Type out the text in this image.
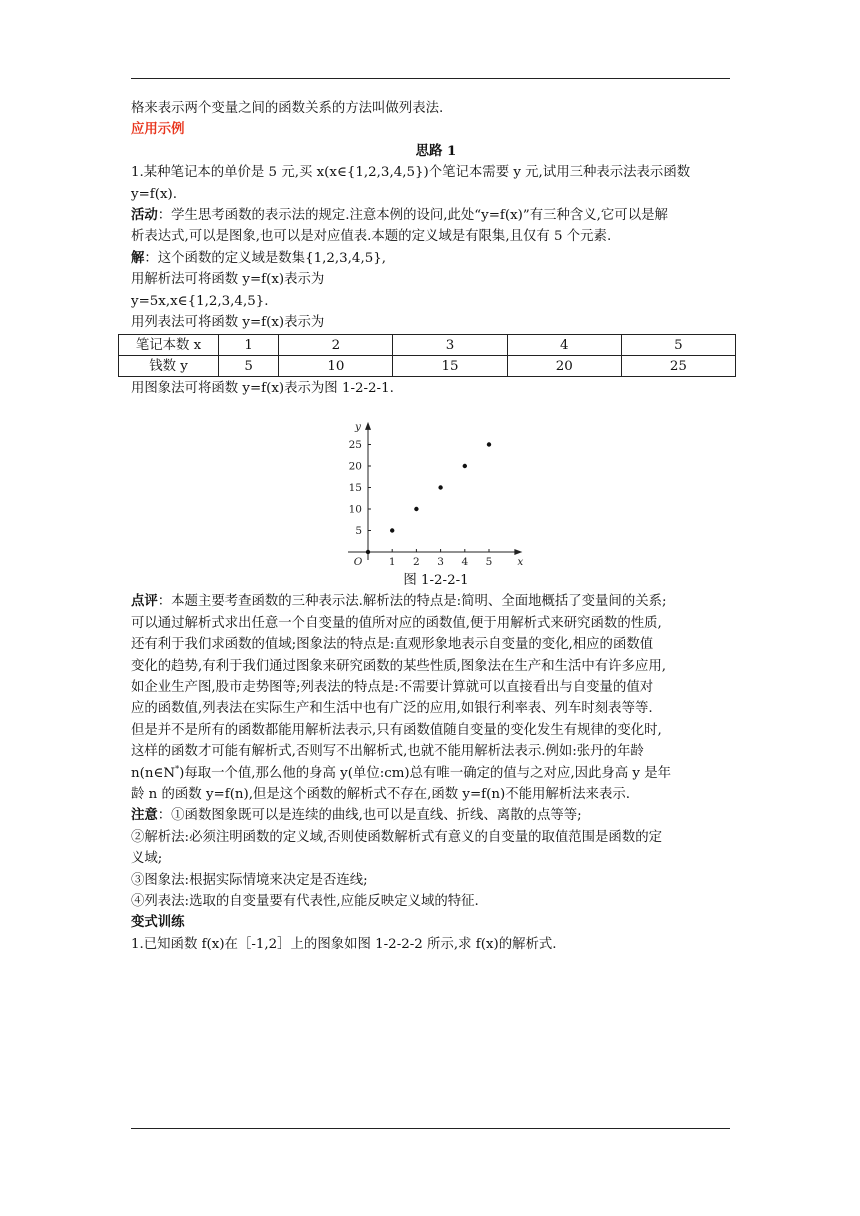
格来表示两个变量之间的函数关系的方法叫做列表法.
应用示例
思路 1
1.某种笔记本的单价是 5 元,买 x(x∈{1,2,3,4,5})个笔记本需要 y 元,试用三种表示法表示函数
y=f(x).
活动：学生思考函数的表示法的规定.注意本例的设问,此处“y=f(x)”有三种含义,它可以是解
析表达式,可以是图象,也可以是对应值表.本题的定义域是有限集,且仅有 5 个元素.
解：这个函数的定义域是数集{1,2,3,4,5},
用解析法可将函数 y=f(x)表示为
y=5x,x∈{1,2,3,4,5}.
用列表法可将函数 y=f(x)表示为
笔记本数 x	1	2	3	4	5
钱数 y	5	10	15	20	25
用图象法可将函数 y=f(x)表示为图 1-2-2-1.
1 2 3 4 5
5
10
15
20
25
O	x
y
图 1-2-2-1
点评：本题主要考查函数的三种表示法.解析法的特点是:简明、全面地概括了变量间的关系;
可以通过解析式求出任意一个自变量的值所对应的函数值,便于用解析式来研究函数的性质,
还有利于我们求函数的值域;图象法的特点是:直观形象地表示自变量的变化,相应的函数值
变化的趋势,有利于我们通过图象来研究函数的某些性质,图象法在生产和生活中有许多应用,
如企业生产图,股市走势图等;列表法的特点是:不需要计算就可以直接看出与自变量的值对
应的函数值,列表法在实际生产和生活中也有广泛的应用,如银行利率表、列车时刻表等等.
但是并不是所有的函数都能用解析法表示,只有函数值随自变量的变化发生有规律的变化时,
这样的函数才可能有解析式,否则写不出解析式,也就不能用解析法表示.例如:张丹的年龄
n(n∈N*)每取一个值,那么他的身高 y(单位:cm)总有唯一确定的值与之对应,因此身高 y 是年
龄 n 的函数 y=f(n),但是这个函数的解析式不存在,函数 y=f(n)不能用解析法来表示.
注意：①函数图象既可以是连续的曲线,也可以是直线、折线、离散的点等等;
②解析法:必须注明函数的定义域,否则使函数解析式有意义的自变量的取值范围是函数的定
义域;
③图象法:根据实际情境来决定是否连线;
④列表法:选取的自变量要有代表性,应能反映定义域的特征.
变式训练
1.已知函数 f(x)在［-1,2］上的图象如图 1-2-2-2 所示,求 f(x)的解析式.
